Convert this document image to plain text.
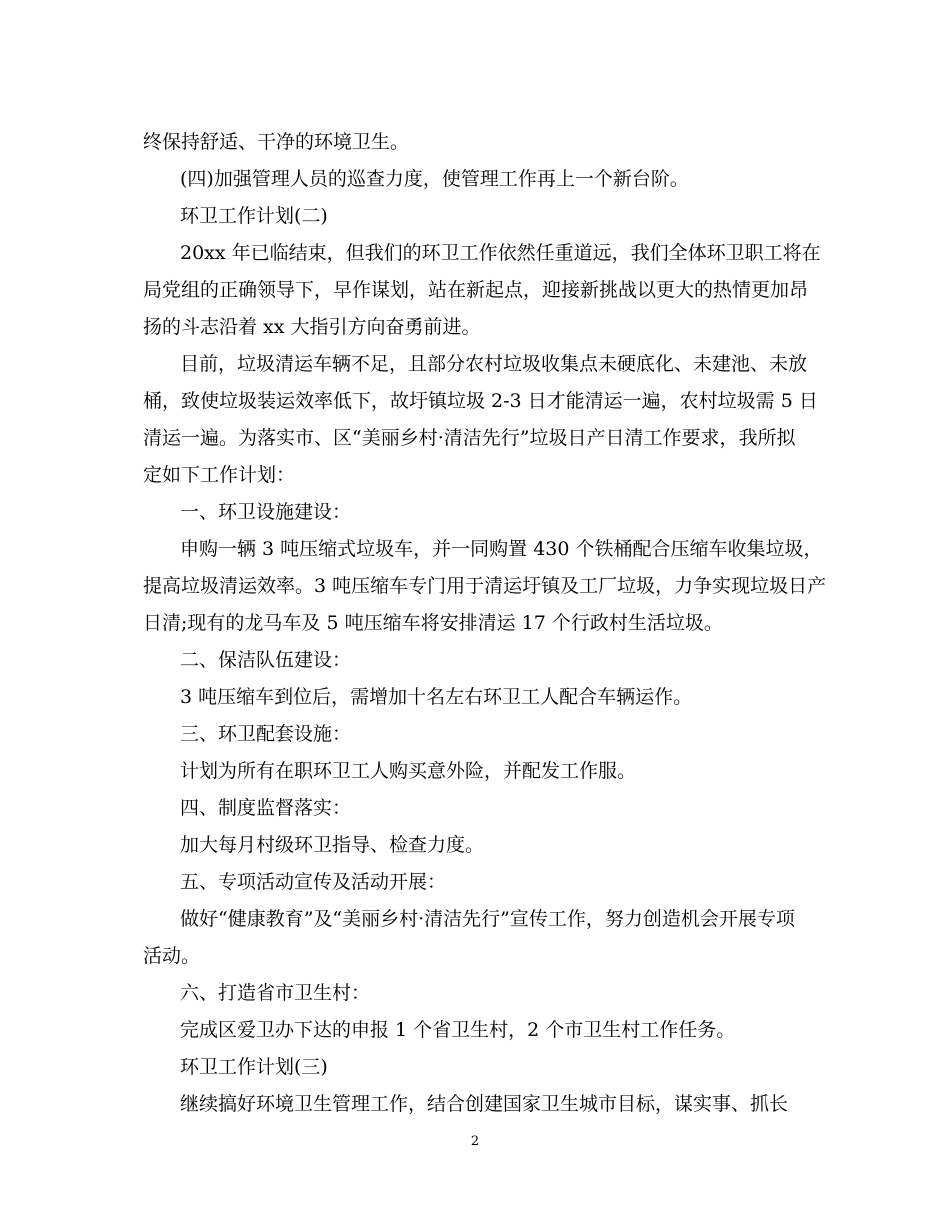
终保持舒适、干净的环境卫生。
(四)加强管理人员的巡查力度，使管理工作再上一个新台阶。
环卫工作计划(二)
20xx 年已临结束，但我们的环卫工作依然任重道远，我们全体环卫职工将在
局党组的正确领导下，早作谋划，站在新起点，迎接新挑战以更大的热情更加昂
扬的斗志沿着 xx 大指引方向奋勇前进。
目前，垃圾清运车辆不足，且部分农村垃圾收集点未硬底化、未建池、未放
桶，致使垃圾装运效率低下，故圩镇垃圾 2-3 日才能清运一遍，农村垃圾需 5 日
清运一遍。为落实市、区“美丽乡村·清洁先行”垃圾日产日清工作要求，我所拟
定如下工作计划：
一、环卫设施建设：
申购一辆 3 吨压缩式垃圾车，并一同购置 430 个铁桶配合压缩车收集垃圾，
提高垃圾清运效率。3 吨压缩车专门用于清运圩镇及工厂垃圾，力争实现垃圾日产
日清;现有的龙马车及 5 吨压缩车将安排清运 17 个行政村生活垃圾。
二、保洁队伍建设：
3 吨压缩车到位后，需增加十名左右环卫工人配合车辆运作。
三、环卫配套设施：
计划为所有在职环卫工人购买意外险，并配发工作服。
四、制度监督落实：
加大每月村级环卫指导、检查力度。
五、专项活动宣传及活动开展：
做好“健康教育”及“美丽乡村·清洁先行”宣传工作，努力创造机会开展专项
活动。
六、打造省市卫生村：
完成区爱卫办下达的申报 1 个省卫生村，2 个市卫生村工作任务。
环卫工作计划(三)
继续搞好环境卫生管理工作，结合创建国家卫生城市目标，谋实事、抓长
2
